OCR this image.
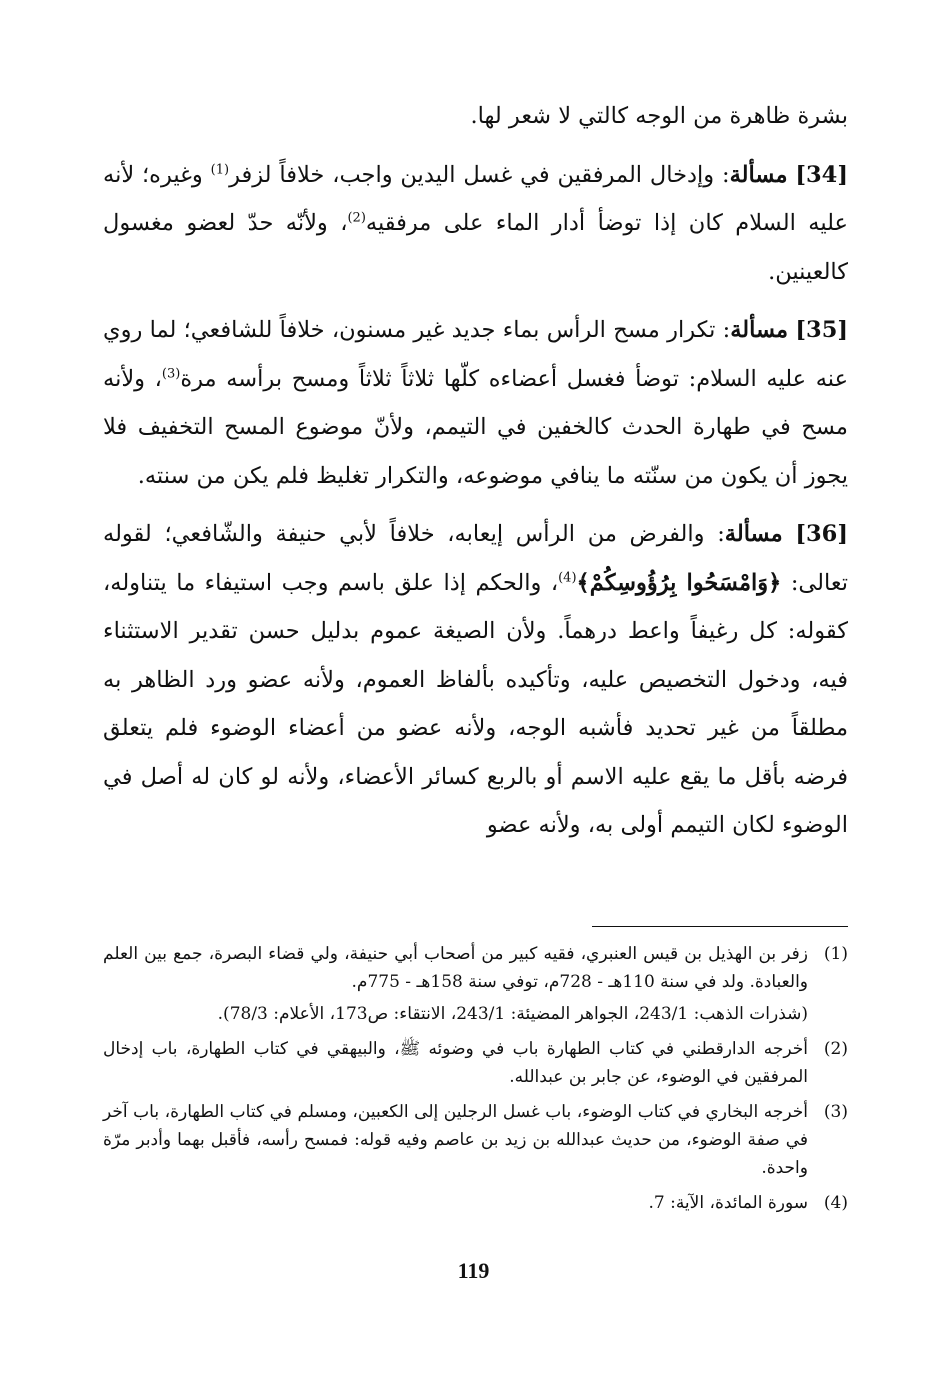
بشرة ظاهرة من الوجه كالتي لا شعر لها.

[34] مسألة: وإدخال المرفقين في غسل اليدين واجب، خلافاً لزفر$^{(1)}$ وغيره؛ لأنه عليه السلام كان إذا توضأ أدار الماء على مرفقيه$^{(2)}$، ولأنّه حدّ لعضو مغسول كالعينين.

[35] مسألة: تكرار مسح الرأس بماء جديد غير مسنون، خلافاً للشافعي؛ لما روي عنه عليه السلام: توضأ فغسل أعضاءه كلّها ثلاثاً ثلاثاً ومسح برأسه مرة$^{(3)}$، ولأنه مسح في طهارة الحدث كالخفين في التيمم، ولأنّ موضوع المسح التخفيف فلا يجوز أن يكون من سنّته ما ينافي موضوعه، والتكرار تغليظ فلم يكن من سنته.

[36] مسألة: والفرض من الرأس إيعابه، خلافاً لأبي حنيفة والشّافعي؛ لقوله تعالى: ﴿وَامْسَحُوا بِرُؤُوسِكُمْ﴾$^{(4)}$، والحكم إذا علق باسم وجب استيفاء ما يتناوله، كقوله: كل رغيفاً واعط درهماً. ولأن الصيغة عموم بدليل حسن تقدير الاستثناء فيه، ودخول التخصيص عليه، وتأكيده بألفاظ العموم، ولأنه عضو ورد الظاهر به مطلقاً من غير تحديد فأشبه الوجه، ولأنه عضو من أعضاء الوضوء فلم يتعلق فرضه بأقل ما يقع عليه الاسم أو بالربع كسائر الأعضاء، ولأنه لو كان له أصل في الوضوء لكان التيمم أولى به، ولأنه عضو

(1)
زفر بن الهذيل بن قيس العنبري، فقيه كبير من أصحاب أبي حنيفة، ولي قضاء البصرة، جمع بين العلم والعبادة. ولد في سنة 110هـ - 728م، توفي سنة 158هـ - 775م.
(شذرات الذهب: 243/1، الجواهر المضيئة: 243/1، الانتقاء: ص173، الأعلام: 78/3).
(2)
أخرجه الدارقطني في كتاب الطهارة باب في وضوئه ﷺ، والبيهقي في كتاب الطهارة، باب إدخال المرفقين في الوضوء، عن جابر بن عبدالله.
(3)
أخرجه البخاري في كتاب الوضوء، باب غسل الرجلين إلى الكعبين، ومسلم في كتاب الطهارة، باب آخر في صفة الوضوء، من حديث عبدالله بن زيد بن عاصم وفيه قوله: فمسح رأسه، فأقبل بهما وأدبر مرّة واحدة.
(4)
سورة المائدة، الآية: 7.
119
